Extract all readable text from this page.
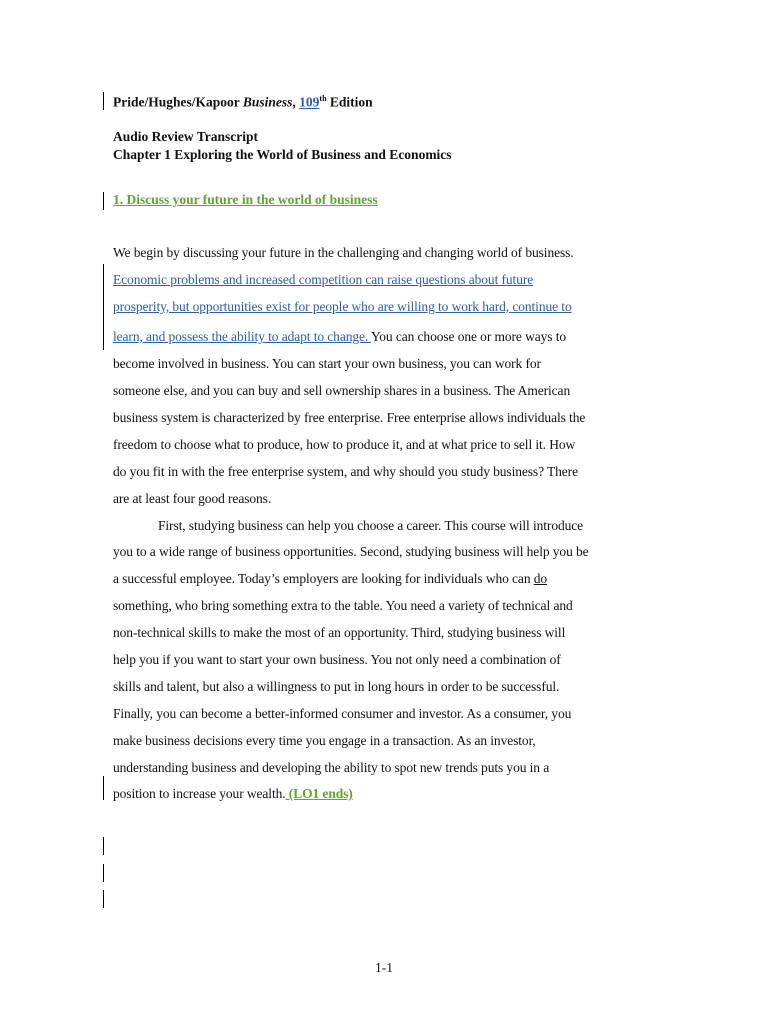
Pride/Hughes/Kapoor Business, 109th Edition
Audio Review Transcript
Chapter 1 Exploring the World of Business and Economics
1. Discuss your future in the world of business
We begin by discussing your future in the challenging and changing world of business.
Economic problems and increased competition can raise questions about future
prosperity, but opportunities exist for people who are willing to work hard, continue to
learn, and possess the ability to adapt to change. You can choose one or more ways to
become involved in business. You can start your own business, you can work for
someone else, and you can buy and sell ownership shares in a business. The American
business system is characterized by free enterprise. Free enterprise allows individuals the
freedom to choose what to produce, how to produce it, and at what price to sell it. How
do you fit in with the free enterprise system, and why should you study business? There
are at least four good reasons.
First, studying business can help you choose a career. This course will introduce
you to a wide range of business opportunities. Second, studying business will help you be
a successful employee. Today’s employers are looking for individuals who can do
something, who bring something extra to the table. You need a variety of technical and
non-technical skills to make the most of an opportunity. Third, studying business will
help you if you want to start your own business. You not only need a combination of
skills and talent, but also a willingness to put in long hours in order to be successful.
Finally, you can become a better-informed consumer and investor. As a consumer, you
make business decisions every time you engage in a transaction. As an investor,
understanding business and developing the ability to spot new trends puts you in a
position to increase your wealth. (LO1 ends)
1-1
